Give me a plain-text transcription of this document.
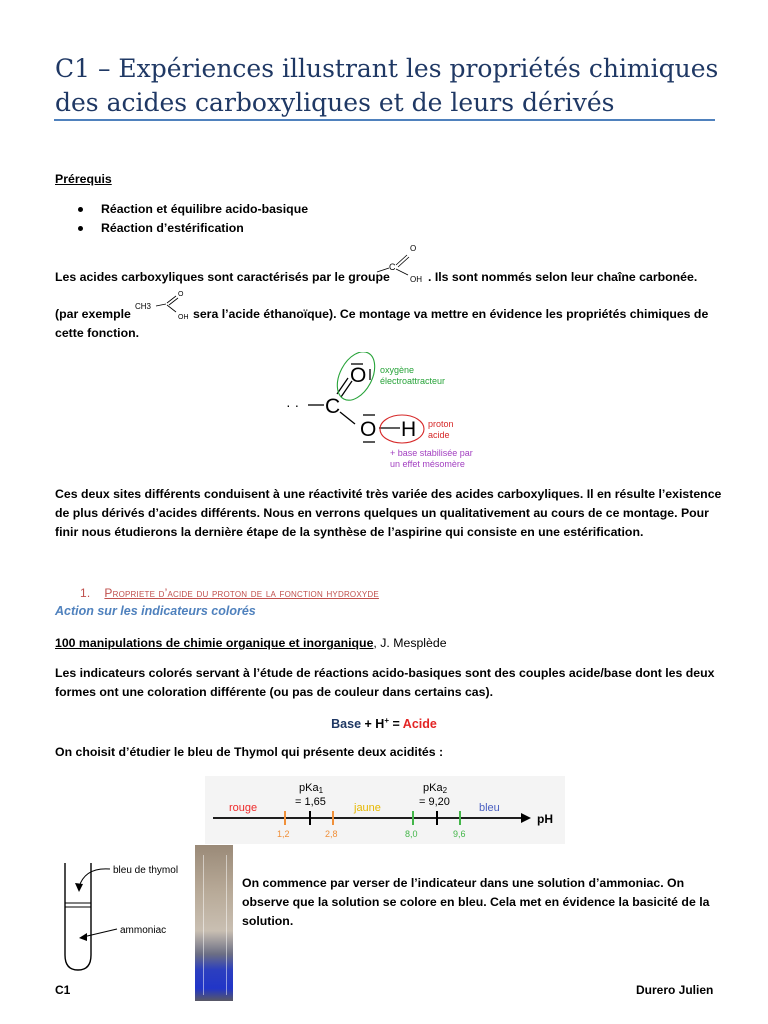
C1 – Expériences illustrant les propriétés chimiques
des acides carboxyliques et de leurs dérivés
Prérequis
Réaction et équilibre acido-basique
Réaction d’estérification
Les acides carboxyliques sont caractérisés par le groupe
C
O
OH . Ils sont nommés selon leur chaîne carbonée.
(par exemple
CH3
O
OH sera l’acide éthanoïque). Ce montage va mettre en évidence les propriétés chimiques de
cette fonction.
· · C
O
O H
oxygène
électroattracteur
proton
acide
+ base stabilisée par
un effet mésomère
Ces deux sites différents conduisent à une réactivité très variée des acides carboxyliques. Il en résulte l’existence
de plus dérivés d’acides différents. Nous en verrons quelques un qualitativement au cours de ce montage. Pour
finir nous étudierons la dernière étape de la synthèse de l’aspirine qui consiste en une estérification.
1. Propriete d’acide du proton de la fonction hydroxyde
Action sur les indicateurs colorés
100 manipulations de chimie organique et inorganique, J. Mesplède
Les indicateurs colorés servant à l’étude de réactions acido-basiques sont des couples acide/base dont les deux
formes ont une coloration différente (ou pas de couleur dans certains cas).
Base + H+ = Acide
On choisit d’étudier le bleu de Thymol qui présente deux acidités :
rouge	jaune	bleu
pKa1
= 1,65
pKa2
= 9,20
pH
1,2	2,8	8,0	9,6
bleu de thymol
ammoniac
On commence par verser de l’indicateur dans une solution d’ammoniac. On
observe que la solution se colore en bleu. Cela met en évidence la basicité de la
solution.
C1	Durero Julien
